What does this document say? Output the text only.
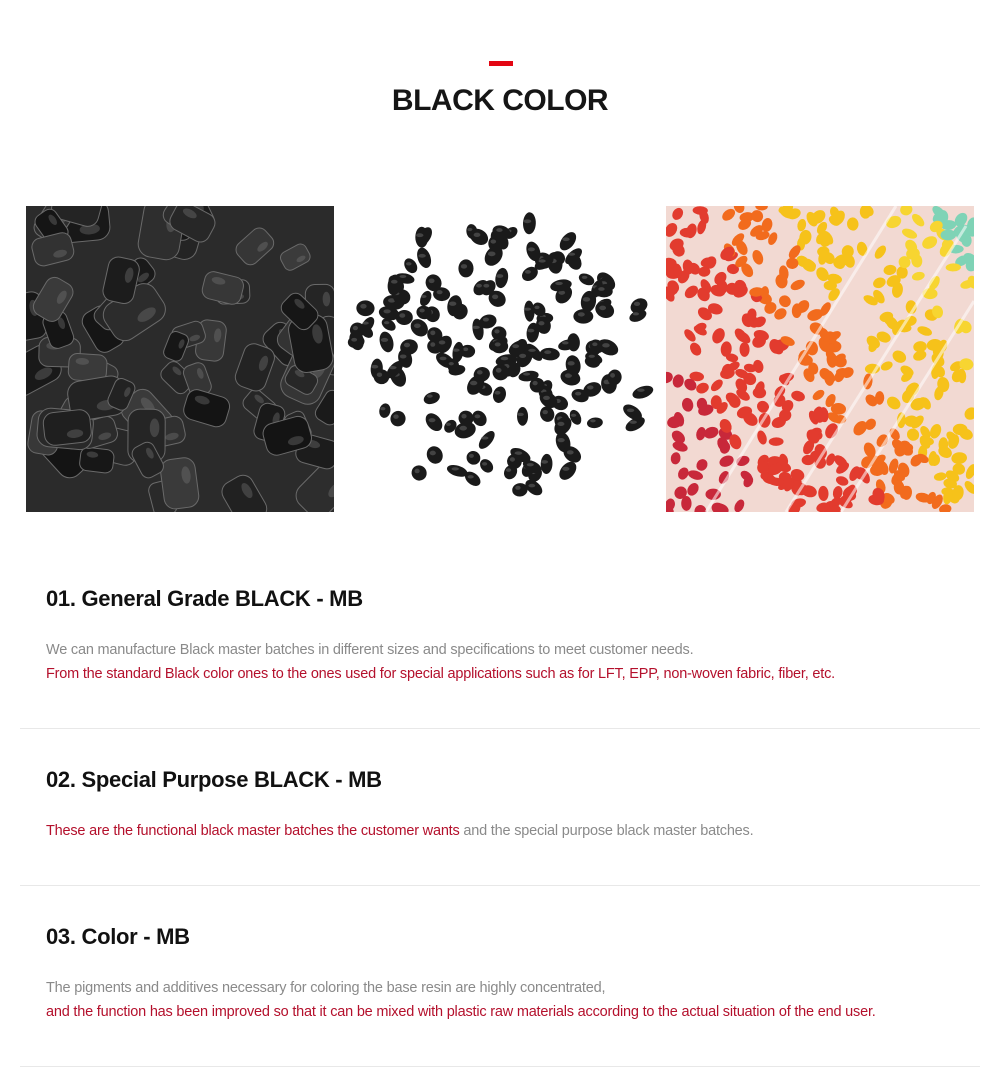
BLACK COLOR
01. General Grade BLACK - MB

We can manufacture Black master batches in different sizes and specifications to meet customer needs.

From the standard Black color ones to the ones used for special applications such as for LFT, EPP, non-woven fabric, fiber, etc.

02. Special Purpose BLACK - MB

These are the functional black master batches the customer wants and the special purpose black master batches.

03. Color - MB

The pigments and additives necessary for coloring the base resin are highly concentrated,

and the function has been improved so that it can be mixed with plastic raw materials according to the actual situation of the end user.
